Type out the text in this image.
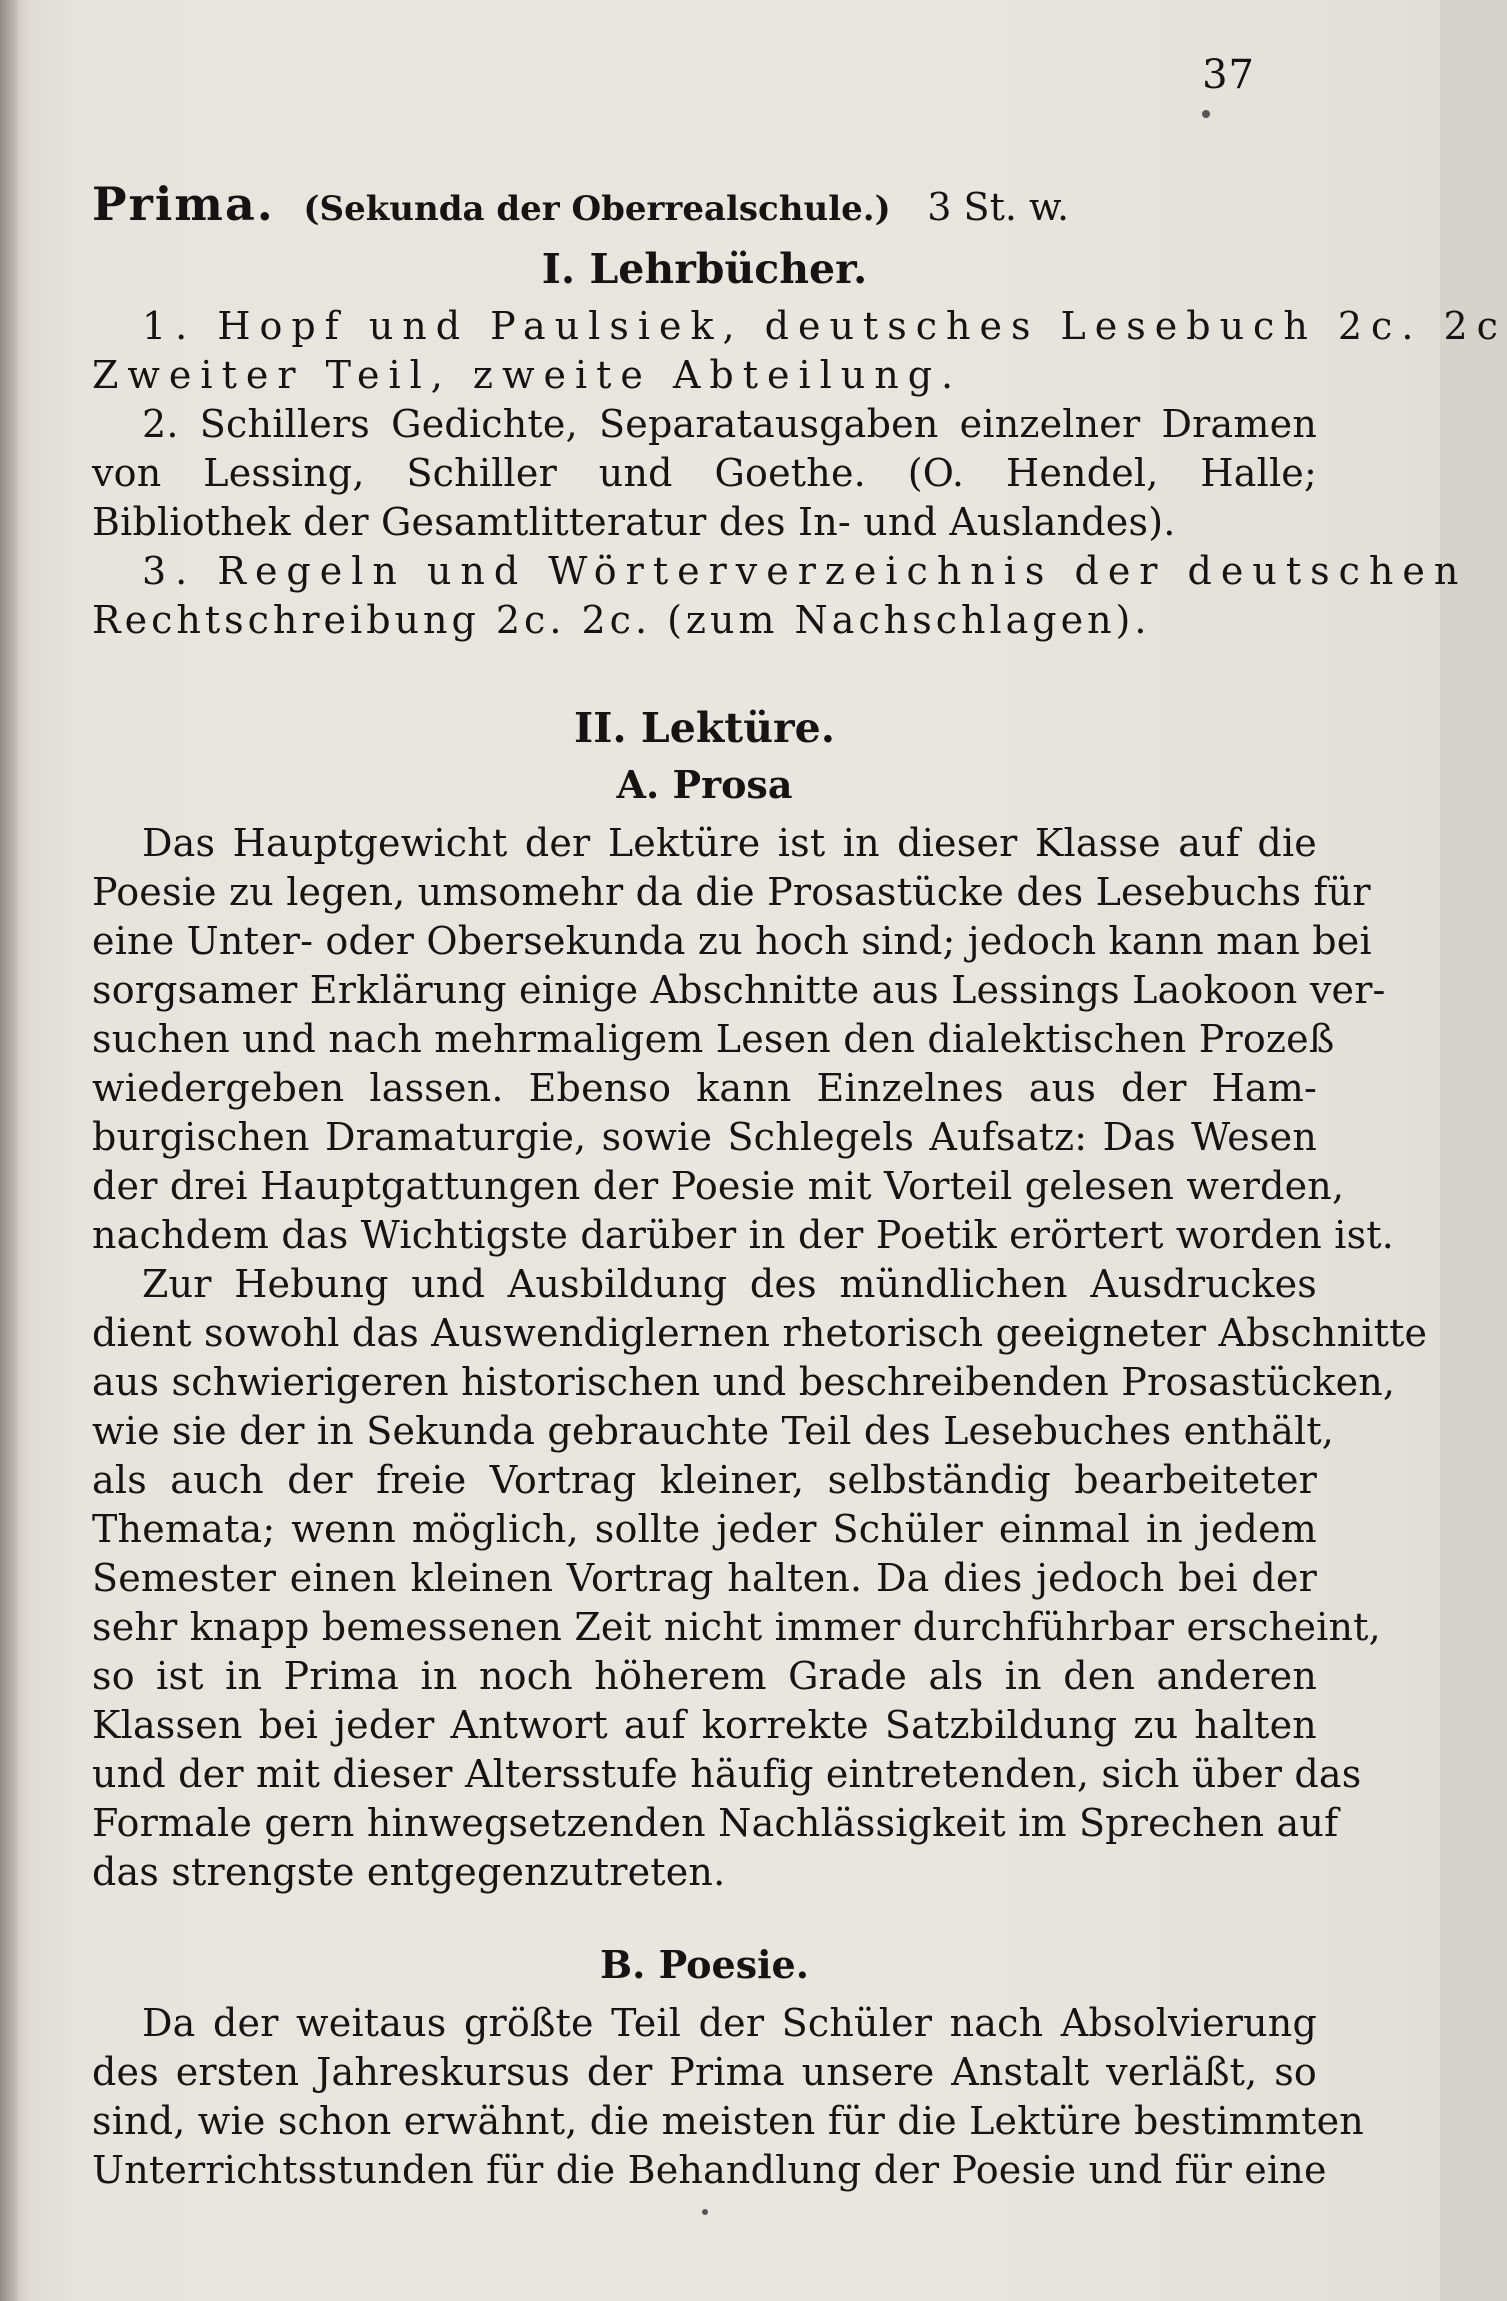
37
Prima. (Sekunda der Oberrealschule.) 3 St. w.
I. Lehrbücher.
1. Hopf und Paulsiek, deutsches Lesebuch 2c. 2c
Zweiter Teil, zweite Abteilung.
2. Schillers Gedichte, Separatausgaben einzelner Dramen
von Lessing, Schiller und Goethe. (O. Hendel, Halle;
Bibliothek der Gesamtlitteratur des In- und Auslandes).
3. Regeln und Wörterverzeichnis der deutschen
Rechtschreibung 2c. 2c. (zum Nachschlagen).
II. Lektüre.
A. Prosa
Das Hauptgewicht der Lektüre ist in dieser Klasse auf die
Poesie zu legen, umsomehr da die Prosastücke des Lesebuchs für
eine Unter- oder Obersekunda zu hoch sind; jedoch kann man bei
sorgsamer Erklärung einige Abschnitte aus Lessings Laokoon ver-
suchen und nach mehrmaligem Lesen den dialektischen Prozeß
wiedergeben lassen. Ebenso kann Einzelnes aus der Ham-
burgischen Dramaturgie, sowie Schlegels Aufsatz: Das Wesen
der drei Hauptgattungen der Poesie mit Vorteil gelesen werden,
nachdem das Wichtigste darüber in der Poetik erörtert worden ist.
Zur Hebung und Ausbildung des mündlichen Ausdruckes
dient sowohl das Auswendiglernen rhetorisch geeigneter Abschnitte
aus schwierigeren historischen und beschreibenden Prosastücken,
wie sie der in Sekunda gebrauchte Teil des Lesebuches enthält,
als auch der freie Vortrag kleiner, selbständig bearbeiteter
Themata; wenn möglich, sollte jeder Schüler einmal in jedem
Semester einen kleinen Vortrag halten. Da dies jedoch bei der
sehr knapp bemessenen Zeit nicht immer durchführbar erscheint,
so ist in Prima in noch höherem Grade als in den anderen
Klassen bei jeder Antwort auf korrekte Satzbildung zu halten
und der mit dieser Altersstufe häufig eintretenden, sich über das
Formale gern hinwegsetzenden Nachlässigkeit im Sprechen auf
das strengste entgegenzutreten.
B. Poesie.
Da der weitaus größte Teil der Schüler nach Absolvierung
des ersten Jahreskursus der Prima unsere Anstalt verläßt, so
sind, wie schon erwähnt, die meisten für die Lektüre bestimmten
Unterrichtsstunden für die Behandlung der Poesie und für eine
